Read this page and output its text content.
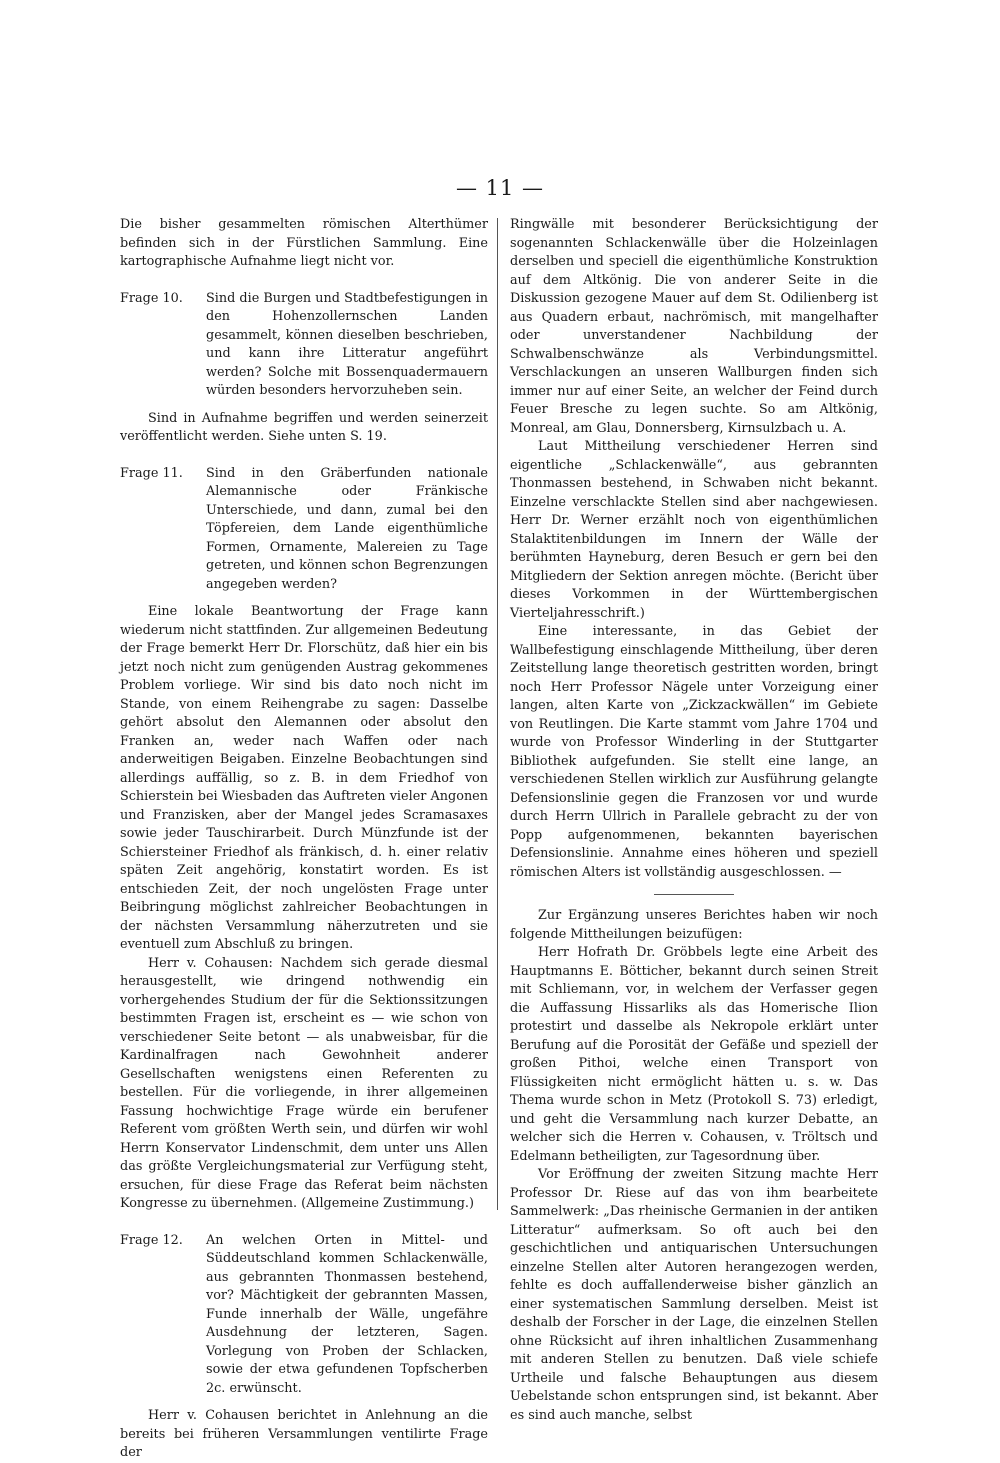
— 11 —

Die bisher gesammelten römischen Alterthümer befinden sich in der Fürstlichen Sammlung. Eine kartographische Aufnahme liegt nicht vor.

Frage 10.	Sind die Burgen und Stadtbefestigungen in den Hohenzollernschen Landen gesammelt, können dieselben beschrieben, und kann ihre Litteratur angeführt werden? Solche mit Bossenquadermauern würden besonders hervorzuheben sein.

Sind in Aufnahme begriffen und werden seinerzeit veröffentlicht werden. Siehe unten S. 19.

Frage 11.	Sind in den Gräberfunden nationale Alemannische oder Fränkische Unterschiede, und dann, zumal bei den Töpfereien, dem Lande eigenthümliche Formen, Ornamente, Malereien zu Tage getreten, und können schon Begrenzungen angegeben werden?

Eine lokale Beantwortung der Frage kann wiederum nicht stattfinden. Zur allgemeinen Bedeutung der Frage bemerkt Herr Dr. Florschütz, daß hier ein bis jetzt noch nicht zum genügenden Austrag gekommenes Problem vorliege. Wir sind bis dato noch nicht im Stande, von einem Reihengrabe zu sagen: Dasselbe gehört absolut den Alemannen oder absolut den Franken an, weder nach Waffen oder nach anderweitigen Beigaben. Einzelne Beobachtungen sind allerdings auffällig, so z. B. in dem Friedhof von Schierstein bei Wiesbaden das Auftreten vieler Angonen und Franzisken, aber der Mangel jedes Scramasaxes sowie jeder Tauschirarbeit. Durch Münzfunde ist der Schiersteiner Friedhof als fränkisch, d. h. einer relativ späten Zeit angehörig, konstatirt worden. Es ist entschieden Zeit, der noch ungelösten Frage unter Beibringung möglichst zahlreicher Beobachtungen in der nächsten Versammlung näherzutreten und sie eventuell zum Abschluß zu bringen.

Herr v. Cohausen: Nachdem sich gerade diesmal herausgestellt, wie dringend nothwendig ein vorhergehendes Studium der für die Sektionssitzungen bestimmten Fragen ist, erscheint es — wie schon von verschiedener Seite betont — als unabweisbar, für die Kardinalfragen nach Gewohnheit anderer Gesellschaften wenigstens einen Referenten zu bestellen. Für die vorliegende, in ihrer allgemeinen Fassung hochwichtige Frage würde ein berufener Referent vom größten Werth sein, und dürfen wir wohl Herrn Konservator Lindenschmit, dem unter uns Allen das größte Vergleichungsmaterial zur Verfügung steht, ersuchen, für diese Frage das Referat beim nächsten Kongresse zu übernehmen. (Allgemeine Zustimmung.)

Frage 12.	An welchen Orten in Mittel- und Süddeutschland kommen Schlackenwälle, aus gebrannten Thonmassen bestehend, vor? Mächtigkeit der gebrannten Massen, Funde innerhalb der Wälle, ungefähre Ausdehnung der letzteren, Sagen. Vorlegung von Proben der Schlacken, sowie der etwa gefundenen Topfscherben 2c. erwünscht.

Herr v. Cohausen berichtet in Anlehnung an die bereits bei früheren Versammlungen ventilirte Frage der

Ringwälle mit besonderer Berücksichtigung der sogenannten Schlackenwälle über die Holzeinlagen derselben und speciell die eigenthümliche Konstruktion auf dem Altkönig. Die von anderer Seite in die Diskussion gezogene Mauer auf dem St. Odilienberg ist aus Quadern erbaut, nachrömisch, mit mangelhafter oder unverstandener Nachbildung der Schwalbenschwänze als Verbindungsmittel. Verschlackungen an unseren Wallburgen finden sich immer nur auf einer Seite, an welcher der Feind durch Feuer Bresche zu legen suchte. So am Altkönig, Monreal, am Glau, Donnersberg, Kirnsulzbach u. A.

Laut Mittheilung verschiedener Herren sind eigentliche „Schlackenwälle“, aus gebrannten Thonmassen bestehend, in Schwaben nicht bekannt. Einzelne verschlackte Stellen sind aber nachgewiesen. Herr Dr. Werner erzählt noch von eigenthümlichen Stalaktitenbildungen im Innern der Wälle der berühmten Hayneburg, deren Besuch er gern bei den Mitgliedern der Sektion anregen möchte. (Bericht über dieses Vorkommen in der Württembergischen Vierteljahresschrift.)

Eine interessante, in das Gebiet der Wallbefestigung einschlagende Mittheilung, über deren Zeitstellung lange theoretisch gestritten worden, bringt noch Herr Professor Nägele unter Vorzeigung einer langen, alten Karte von „Zickzackwällen“ im Gebiete von Reutlingen. Die Karte stammt vom Jahre 1704 und wurde von Professor Winderling in der Stuttgarter Bibliothek aufgefunden. Sie stellt eine lange, an verschiedenen Stellen wirklich zur Ausführung gelangte Defensionslinie gegen die Franzosen vor und wurde durch Herrn Ullrich in Parallele gebracht zu der von Popp aufgenommenen, bekannten bayerischen Defensionslinie. Annahme eines höheren und speziell römischen Alters ist vollständig ausgeschlossen. —

Zur Ergänzung unseres Berichtes haben wir noch folgende Mittheilungen beizufügen:

Herr Hofrath Dr. Gröbbels legte eine Arbeit des Hauptmanns E. Bötticher, bekannt durch seinen Streit mit Schliemann, vor, in welchem der Verfasser gegen die Auffassung Hissarliks als das Homerische Ilion protestirt und dasselbe als Nekropole erklärt unter Berufung auf die Porosität der Gefäße und speziell der großen Pithoi, welche einen Transport von Flüssigkeiten nicht ermöglicht hätten u. s. w. Das Thema wurde schon in Metz (Protokoll S. 73) erledigt, und geht die Versammlung nach kurzer Debatte, an welcher sich die Herren v. Cohausen, v. Tröltsch und Edelmann betheiligten, zur Tagesordnung über.

Vor Eröffnung der zweiten Sitzung machte Herr Professor Dr. Riese auf das von ihm bearbeitete Sammelwerk: „Das rheinische Germanien in der antiken Litteratur“ aufmerksam. So oft auch bei den geschichtlichen und antiquarischen Untersuchungen einzelne Stellen alter Autoren herangezogen werden, fehlte es doch auffallenderweise bisher gänzlich an einer systematischen Sammlung derselben. Meist ist deshalb der Forscher in der Lage, die einzelnen Stellen ohne Rücksicht auf ihren inhaltlichen Zusammenhang mit anderen Stellen zu benutzen. Daß viele schiefe Urtheile und falsche Behauptungen aus diesem Uebelstande schon entsprungen sind, ist bekannt. Aber es sind auch manche, selbst
